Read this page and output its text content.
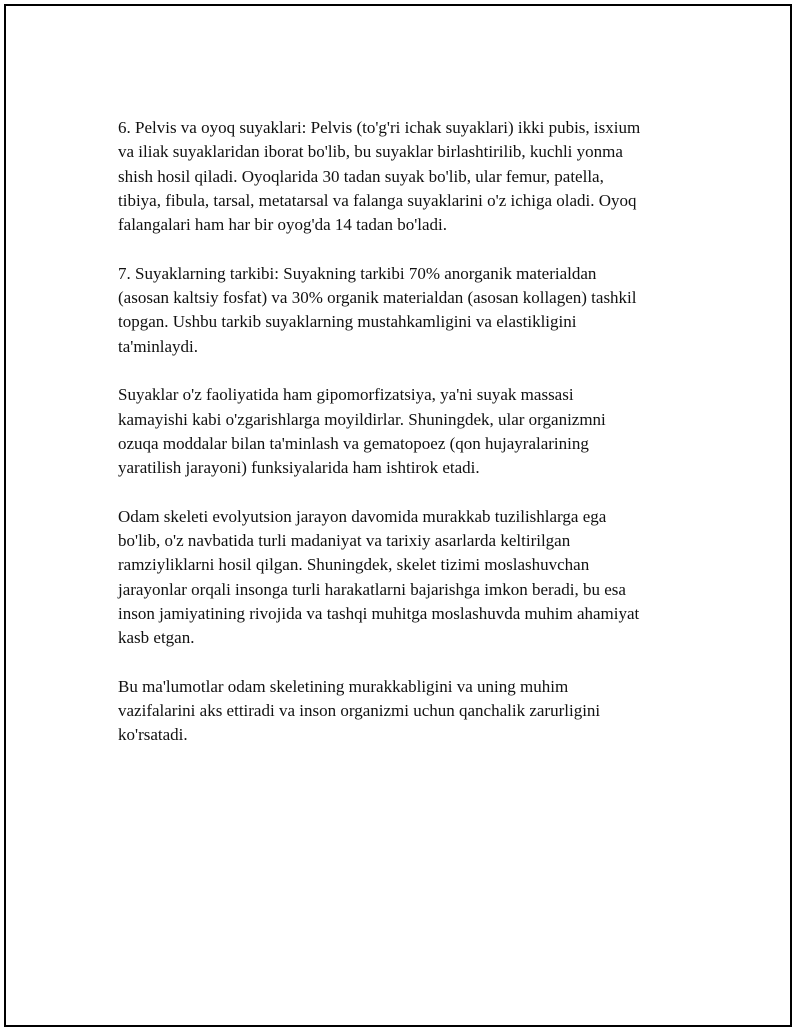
6. Pelvis va oyoq suyaklari: Pelvis (to'g'ri ichak suyaklari) ikki pubis, isxium
va iliak suyaklaridan iborat bo'lib, bu suyaklar birlashtirilib, kuchli yonma
shish hosil qiladi. Oyoqlarida 30 tadan suyak bo'lib, ular femur, patella,
tibiya, fibula, tarsal, metatarsal va falanga suyaklarini o'z ichiga oladi. Oyoq
falangalari ham har bir oyog'da 14 tadan bo'ladi.

7. Suyaklarning tarkibi: Suyakning tarkibi 70% anorganik materialdan
(asosan kaltsiy fosfat) va 30% organik materialdan (asosan kollagen) tashkil
topgan. Ushbu tarkib suyaklarning mustahkamligini va elastikligini
ta'minlaydi.

Suyaklar o'z faoliyatida ham gipomorfizatsiya, ya'ni suyak massasi
kamayishi kabi o'zgarishlarga moyildirlar. Shuningdek, ular organizmni
ozuqa moddalar bilan ta'minlash va gematopoez (qon hujayralarining
yaratilish jarayoni) funksiyalarida ham ishtirok etadi.

Odam skeleti evolyutsion jarayon davomida murakkab tuzilishlarga ega
bo'lib, o'z navbatida turli madaniyat va tarixiy asarlarda keltirilgan
ramziyliklarni hosil qilgan. Shuningdek, skelet tizimi moslashuvchan
jarayonlar orqali insonga turli harakatlarni bajarishga imkon beradi, bu esa
inson jamiyatining rivojida va tashqi muhitga moslashuvda muhim ahamiyat
kasb etgan.

Bu ma'lumotlar odam skeletining murakkabligini va uning muhim
vazifalarini aks ettiradi va inson organizmi uchun qanchalik zarurligini
ko'rsatadi.
